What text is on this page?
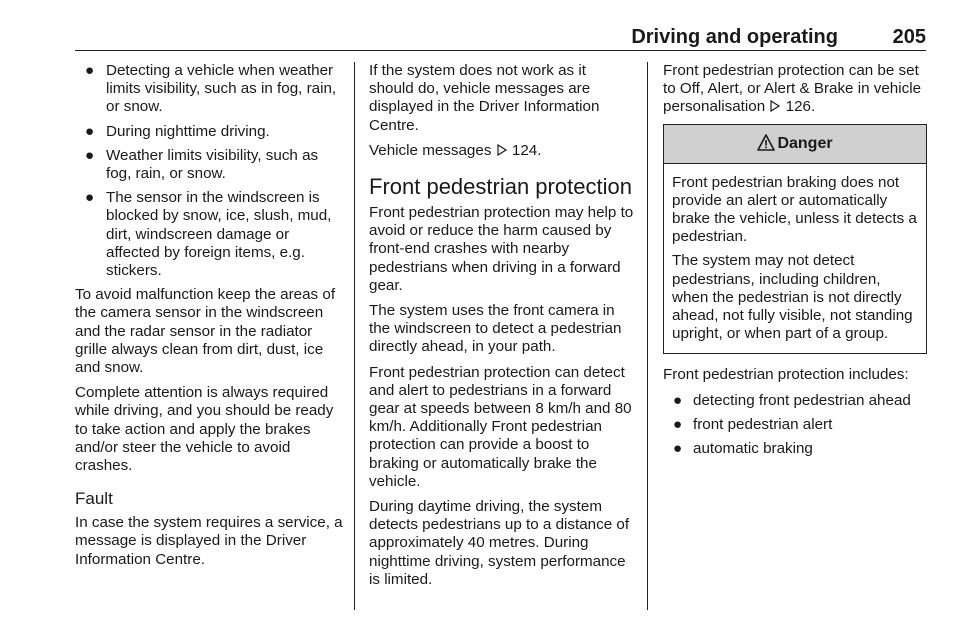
Driving and operating	205
● Detecting a vehicle when weather limits visibility, such as in fog, rain, or snow.
● During nighttime driving.
● Weather limits visibility, such as fog, rain, or snow.
● The sensor in the windscreen is blocked by snow, ice, slush, mud, dirt, windscreen damage or affected by foreign items, e.g. stickers.

To avoid malfunction keep the areas of the camera sensor in the windscreen and the radar sensor in the radiator grille always clean from dirt, dust, ice and snow.

Complete attention is always required while driving, and you should be ready to take action and apply the brakes and/or steer the vehicle to avoid crashes.

Fault

In case the system requires a service, a message is displayed in the Driver Information Centre.

If the system does not work as it should do, vehicle messages are displayed in the Driver Information Centre.

Vehicle messages 124.

Front pedestrian protection

Front pedestrian protection may help to avoid or reduce the harm caused by front-end crashes with nearby pedestrians when driving in a forward gear.

The system uses the front camera in the windscreen to detect a pedestrian directly ahead, in your path.

Front pedestrian protection can detect and alert to pedestrians in a forward gear at speeds between 8 km/h and 80 km/h. Additionally Front pedestrian protection can provide a boost to braking or automatically brake the vehicle.

During daytime driving, the system detects pedestrians up to a distance of approximately 40 metres. During nighttime driving, system performance is limited.

Front pedestrian protection can be set to Off, Alert, or Alert & Brake in vehicle personalisation 126.

Danger

Front pedestrian braking does not provide an alert or automatically brake the vehicle, unless it detects a pedestrian.

The system may not detect pedestrians, including children, when the pedestrian is not directly ahead, not fully visible, not standing upright, or when part of a group.

Front pedestrian protection includes:

● detecting front pedestrian ahead
● front pedestrian alert
● automatic braking
